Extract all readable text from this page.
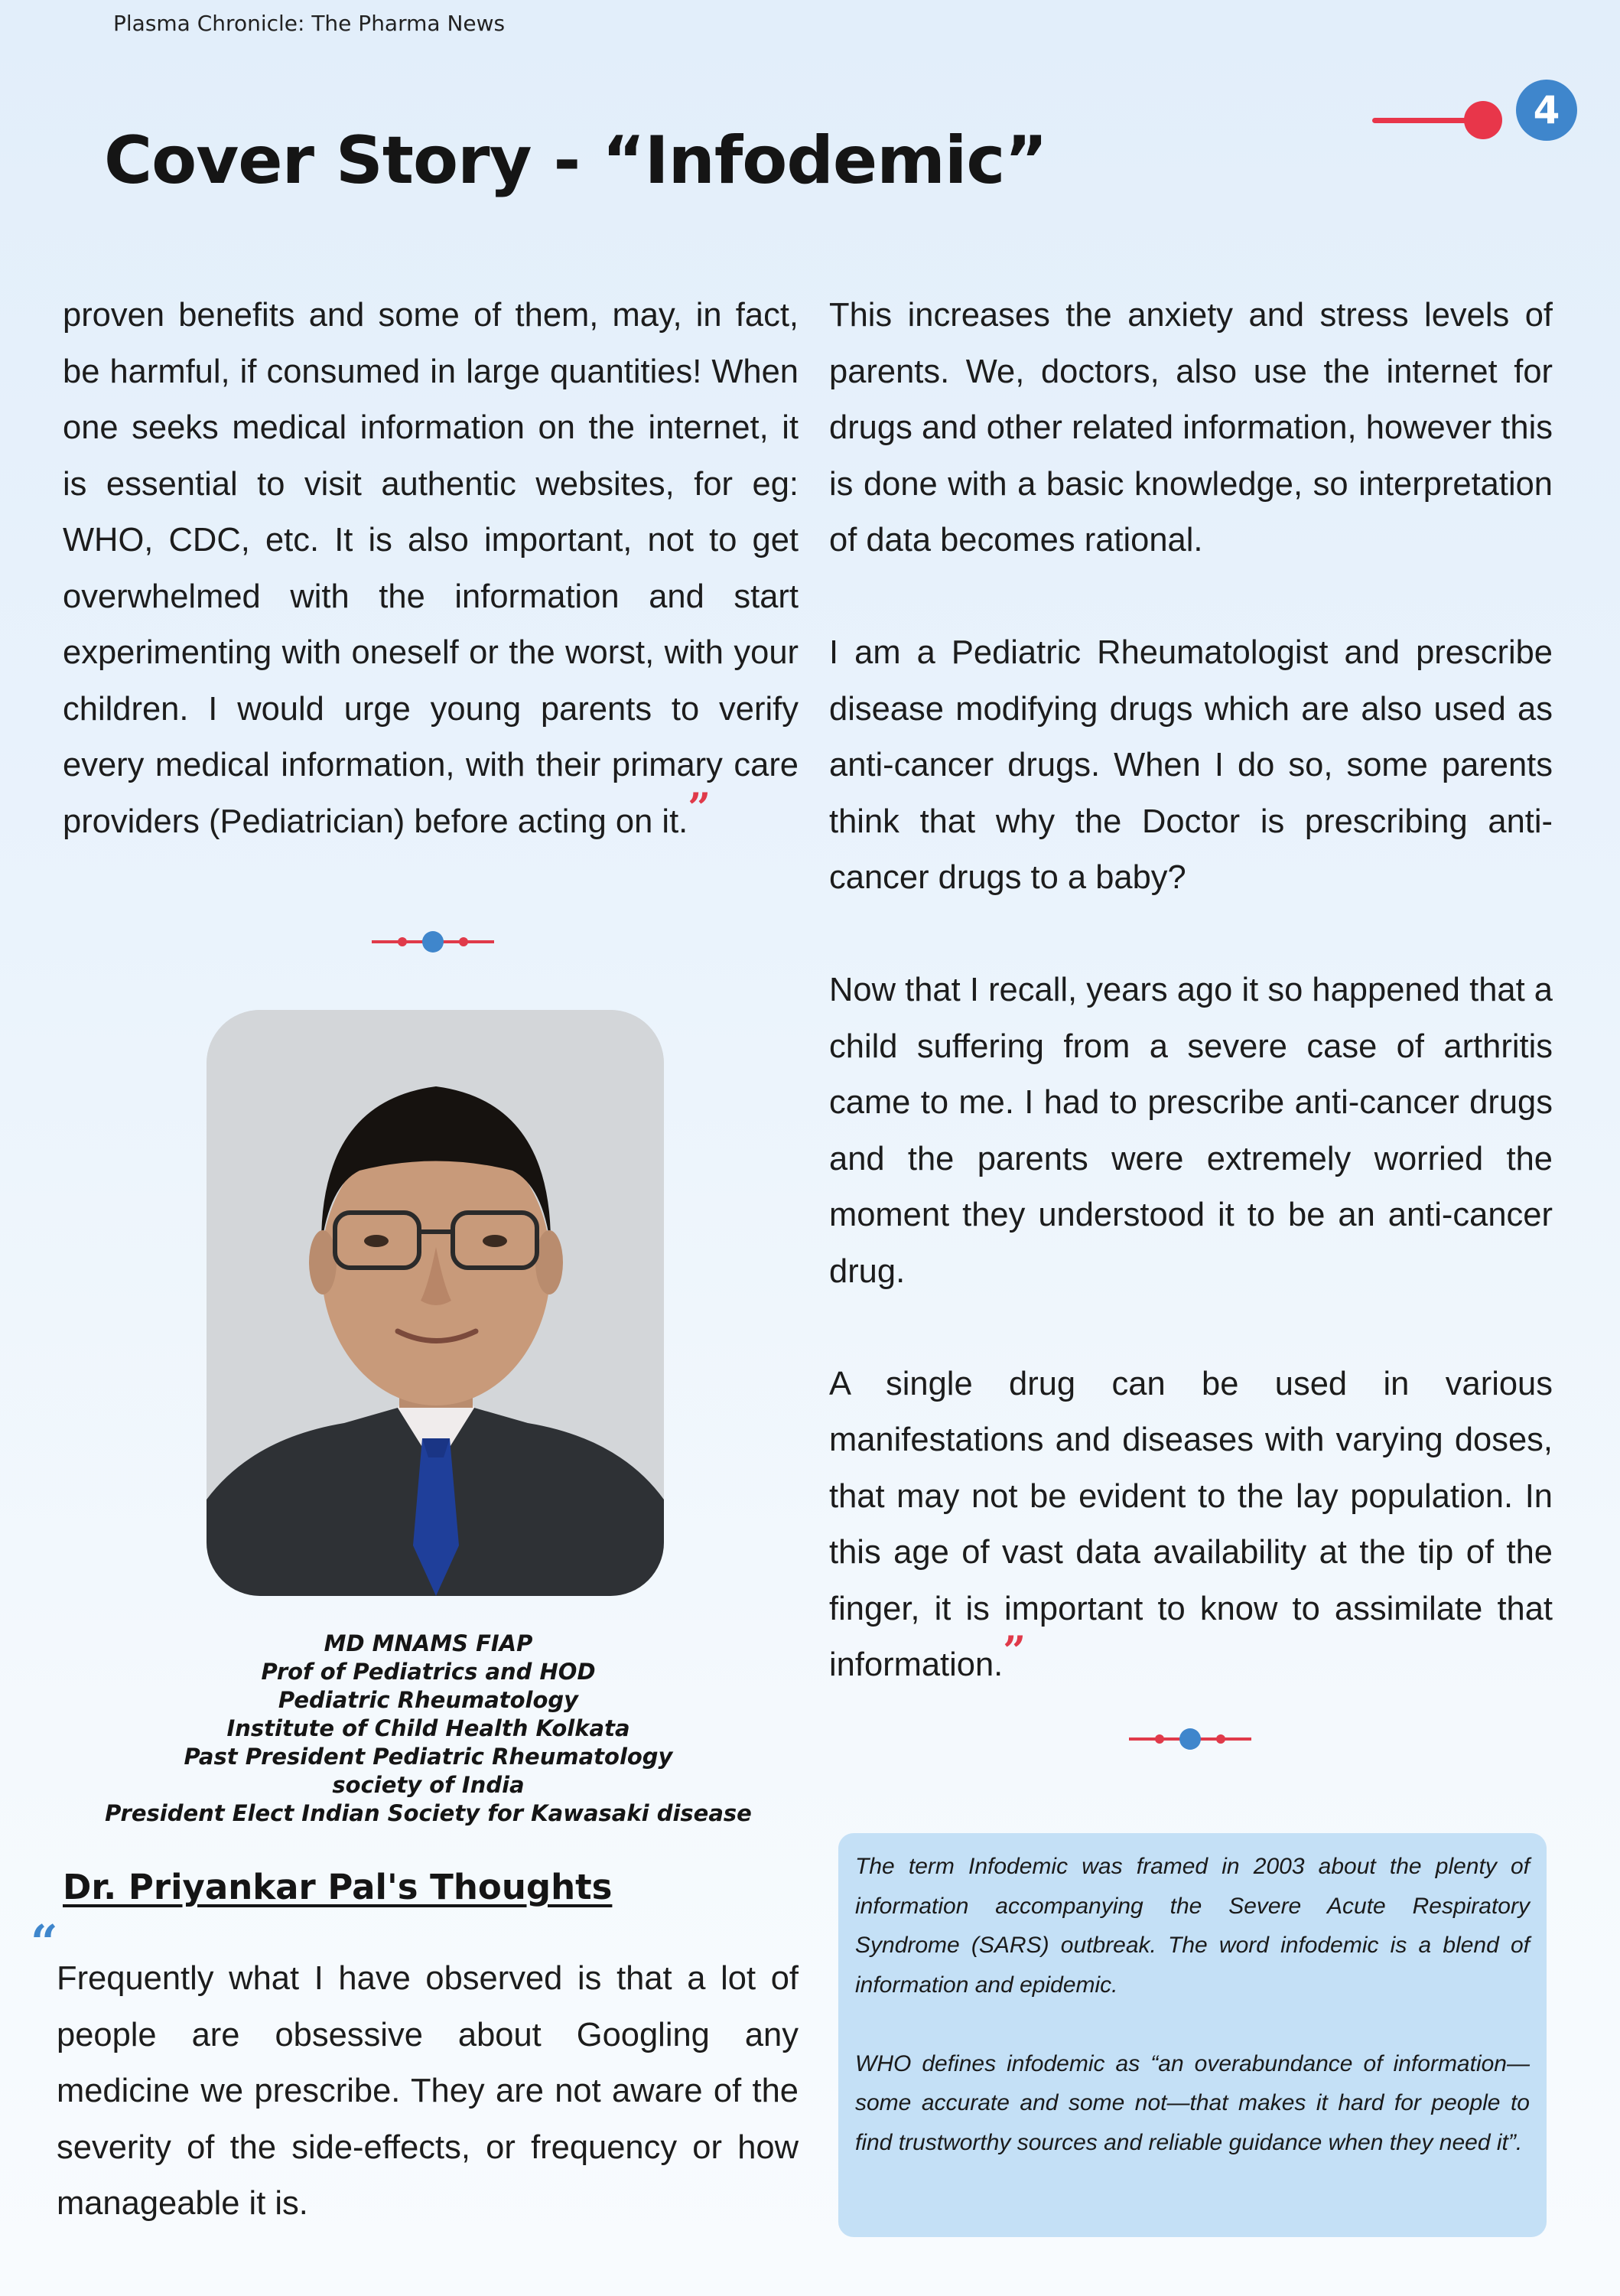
Plasma Chronicle: The Pharma News
4
Cover Story - “Infodemic”

proven benefits and some of them, may, in fact, be harmful, if consumed in large quantities! When one seeks medical information on the internet, it is essential to visit authentic websites, for eg: WHO, CDC, etc. It is also important, not to get overwhelmed with the information and start experimenting with oneself or the worst, with your children. I would urge young parents to verify every medical information, with their primary care providers (Pediatrician) before acting on it.”

MD MNAMS FIAP
Prof of Pediatrics and HOD
Pediatric Rheumatology
Institute of Child Health Kolkata
Past President Pediatric Rheumatology
society of India
President Elect Indian Society for Kawasaki disease
Dr. Priyankar Pal's Thoughts
“

Frequently what I have observed is that a lot of people are obsessive about Googling any medicine we prescribe. They are not aware of the severity of the side-effects, or frequency or how manageable it is.

This increases the anxiety and stress levels of parents. We, doctors, also use the internet for drugs and other related information, however this is done with a basic knowledge, so interpretation of data becomes rational.

I am a Pediatric Rheumatologist and prescribe disease modifying drugs which are also used as anti-cancer drugs. When I do so, some parents think that why the Doctor is prescribing anti-cancer drugs to a baby?

Now that I recall, years ago it so happened that a child suffering from a severe case of arthritis came to me. I had to prescribe anti-cancer drugs and the parents were extremely worried the moment they understood it to be an anti-cancer drug.

A single drug can be used in various manifestations and diseases with varying doses, that may not be evident to the lay population. In this age of vast data availability at the tip of the finger, it is important to know to assimilate that information.”

The term Infodemic was framed in 2003 about the plenty of information accompanying the Severe Acute Respiratory Syndrome (SARS) outbreak. The word infodemic is a blend of information and epidemic.

WHO defines infodemic as “an overabundance of information—some accurate and some not—that makes it hard for people to find trustworthy sources and reliable guidance when they need it”.
